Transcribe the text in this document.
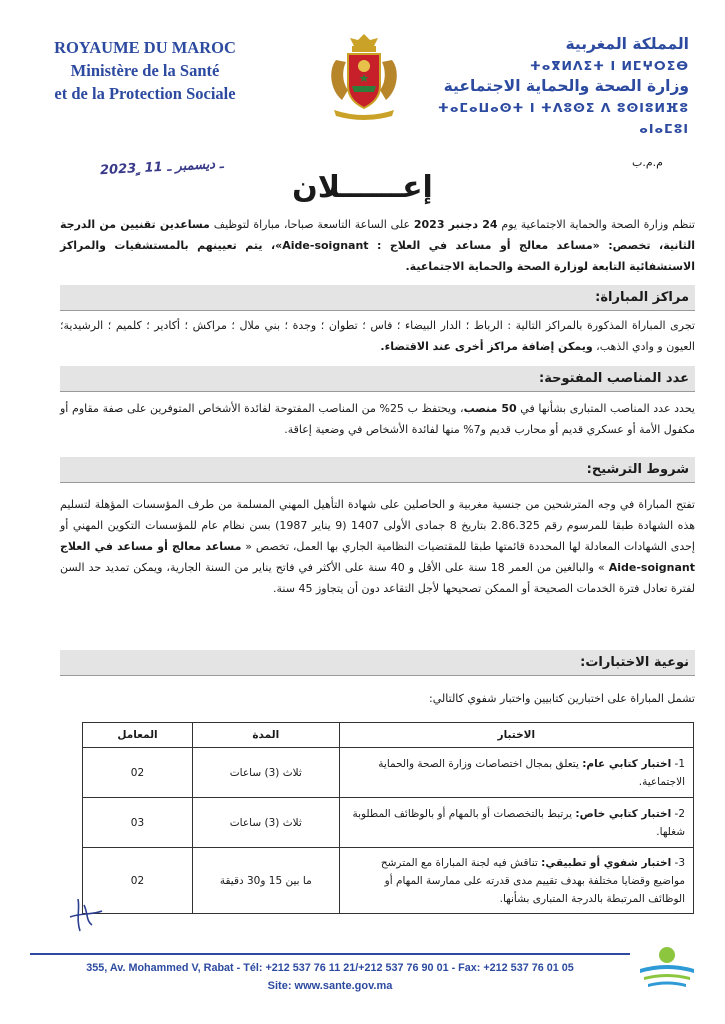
ROYAUME DU MAROC
Ministère de la Santé
et de la Protection Sociale
المملكة المغربية
ⵜⴰⴳⵍⴷⵉⵜ ⵏ ⵍⵎⵖⵔⵉⴱ
وزارة الصحة والحماية الاجتماعية
ⵜⴰⵎⴰⵡⴰⵙⵜ ⵏ ⵜⴷⵓⵙⵉ ⴷ ⵓⵙⵏⵓⵍⴼⵓ ⴰⵏⴰⵎⵓⵏ
2023 ٍ ـ ديسمبر ـ 11	م.م.ب
إعــــــلان
تنظم وزارة الصحة والحماية الاجتماعية يوم 24 دجنبر 2023 على الساعة التاسعة صباحا، مباراة لتوظيف مساعدين تقنيين من الدرجة الثانية، تخصص: «مساعد معالج أو مساعد في العلاج : Aide-soignant»، يتم تعيينهم بالمستشفيات والمراكز الاستشفائية التابعة لوزارة الصحة والحماية الاجتماعية.
مراكز المباراة:
تجرى المباراة المذكورة بالمراكز التالية : الرباط ؛ الدار البيضاء ؛ فاس ؛ تطوان ؛ وجدة ؛ بني ملال ؛ مراكش ؛ أكادير ؛ كلميم ؛ الرشيدية؛ العيون و وادي الذهب، ويمكن إضافة مراكز أخرى عند الاقتضاء.
عدد المناصب المفتوحة:
يحدد عدد المناصب المتبارى بشأنها في 50 منصب، ويحتفظ ب 25% من المناصب المفتوحة لفائدة الأشخاص المتوفرين على صفة مقاوم أو مكفول الأمة أو عسكري قديم أو محارب قديم و7% منها لفائدة الأشخاص في وضعية إعاقة.
شروط الترشيح:
تفتح المباراة في وجه المترشحين من جنسية مغربية و الحاصلين على شهادة التأهيل المهني المسلمة من طرف المؤسسات المؤهلة لتسليم هذه الشهادة طبقا للمرسوم رقم 2.86.325 بتاريخ 8 جمادى الأولى 1407 (9 يناير 1987) بسن نظام عام للمؤسسات التكوين المهني أو إحدى الشهادات المعادلة لها المحددة قائمتها طبقا للمقتضيات النظامية الجاري بها العمل، تخصص « مساعد معالج أو مساعد في العلاج Aide-soignant » والبالغين من العمر 18 سنة على الأقل و 40 سنة على الأكثر في فاتح يناير من السنة الجارية، ويمكن تمديد حد السن لفترة تعادل فترة الخدمات الصحيحة أو الممكن تصحيحها لأجل التقاعد دون أن يتجاوز 45 سنة.
نوعية الاختبارات:
تشمل المباراة على اختبارين كتابيين واختبار شفوي كالتالي:
الاختبار	المدة	المعامل
1- اختبار كتابي عام: يتعلق بمجال اختصاصات وزارة الصحة والحماية الاجتماعية.	ثلاث (3) ساعات	02
2- اختبار كتابي خاص: يرتبط بالتخصصات أو بالمهام أو بالوظائف المطلوبة شغلها.	ثلاث (3) ساعات	03
3- اختبار شفوي أو تطبيقي: تناقش فيه لجنة المباراة مع المترشح مواضيع وقضايا مختلفة بهدف تقييم مدى قدرته على ممارسة المهام أو الوظائف المرتبطة بالدرجة المتبارى بشأنها.	ما بين 15 و30 دقيقة	02
355, Av. Mohammed V, Rabat - Tél: +212 537 76 11 21/+212 537 76 90 01 - Fax: +212 537 76 01 05
Site: www.sante.gov.ma
